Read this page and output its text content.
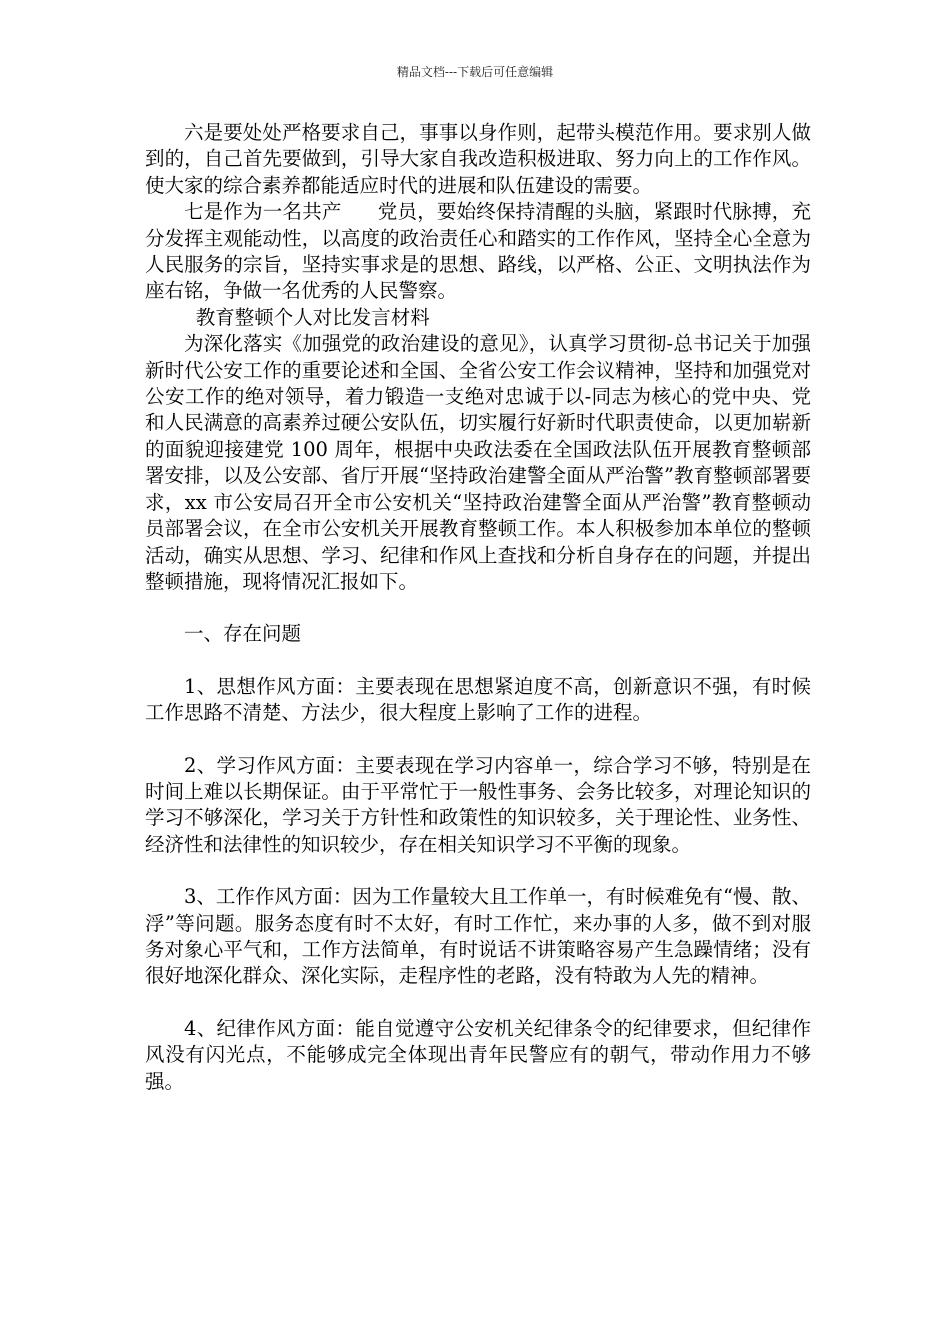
精品文档---下载后可任意编辑

六是要处处严格要求自己，事事以身作则，起带头模范作用。要求别人做到的，自己首先要做到，引导大家自我改造积极进取、努力向上的工作作风。使大家的综合素养都能适应时代的进展和队伍建设的需要。

七是作为一名共产 党员，要始终保持清醒的头脑，紧跟时代脉搏，充分发挥主观能动性，以高度的政治责任心和踏实的工作作风，坚持全心全意为人民服务的宗旨，坚持实事求是的思想、路线，以严格、公正、文明执法作为座右铭，争做一名优秀的人民警察。

教育整顿个人对比发言材料

为深化落实《加强党的政治建设的意见》，认真学习贯彻-总书记关于加强新时代公安工作的重要论述和全国、全省公安工作会议精神，坚持和加强党对公安工作的绝对领导，着力锻造一支绝对忠诚于以-同志为核心的党中央、党和人民满意的高素养过硬公安队伍，切实履行好新时代职责使命，以更加崭新的面貌迎接建党 100 周年，根据中央政法委在全国政法队伍开展教育整顿部署安排，以及公安部、省厅开展“坚持政治建警全面从严治警”教育整顿部署要求，xx 市公安局召开全市公安机关“坚持政治建警全面从严治警”教育整顿动员部署会议，在全市公安机关开展教育整顿工作。本人积极参加本单位的整顿活动，确实从思想、学习、纪律和作风上查找和分析自身存在的问题，并提出整顿措施，现将情况汇报如下。

一、存在问题

1、思想作风方面：主要表现在思想紧迫度不高，创新意识不强，有时候工作思路不清楚、方法少，很大程度上影响了工作的进程。

2、学习作风方面：主要表现在学习内容单一，综合学习不够，特别是在时间上难以长期保证。由于平常忙于一般性事务、会务比较多，对理论知识的学习不够深化，学习关于方针性和政策性的知识较多，关于理论性、业务性、经济性和法律性的知识较少，存在相关知识学习不平衡的现象。

3、工作作风方面：因为工作量较大且工作单一，有时候难免有“慢、散、浮”等问题。服务态度有时不太好，有时工作忙，来办事的人多，做不到对服务对象心平气和，工作方法简单，有时说话不讲策略容易产生急躁情绪；没有很好地深化群众、深化实际，走程序性的老路，没有特敢为人先的精神。

4、纪律作风方面：能自觉遵守公安机关纪律条令的纪律要求，但纪律作风没有闪光点，不能够成完全体现出青年民警应有的朝气，带动作用力不够强。
